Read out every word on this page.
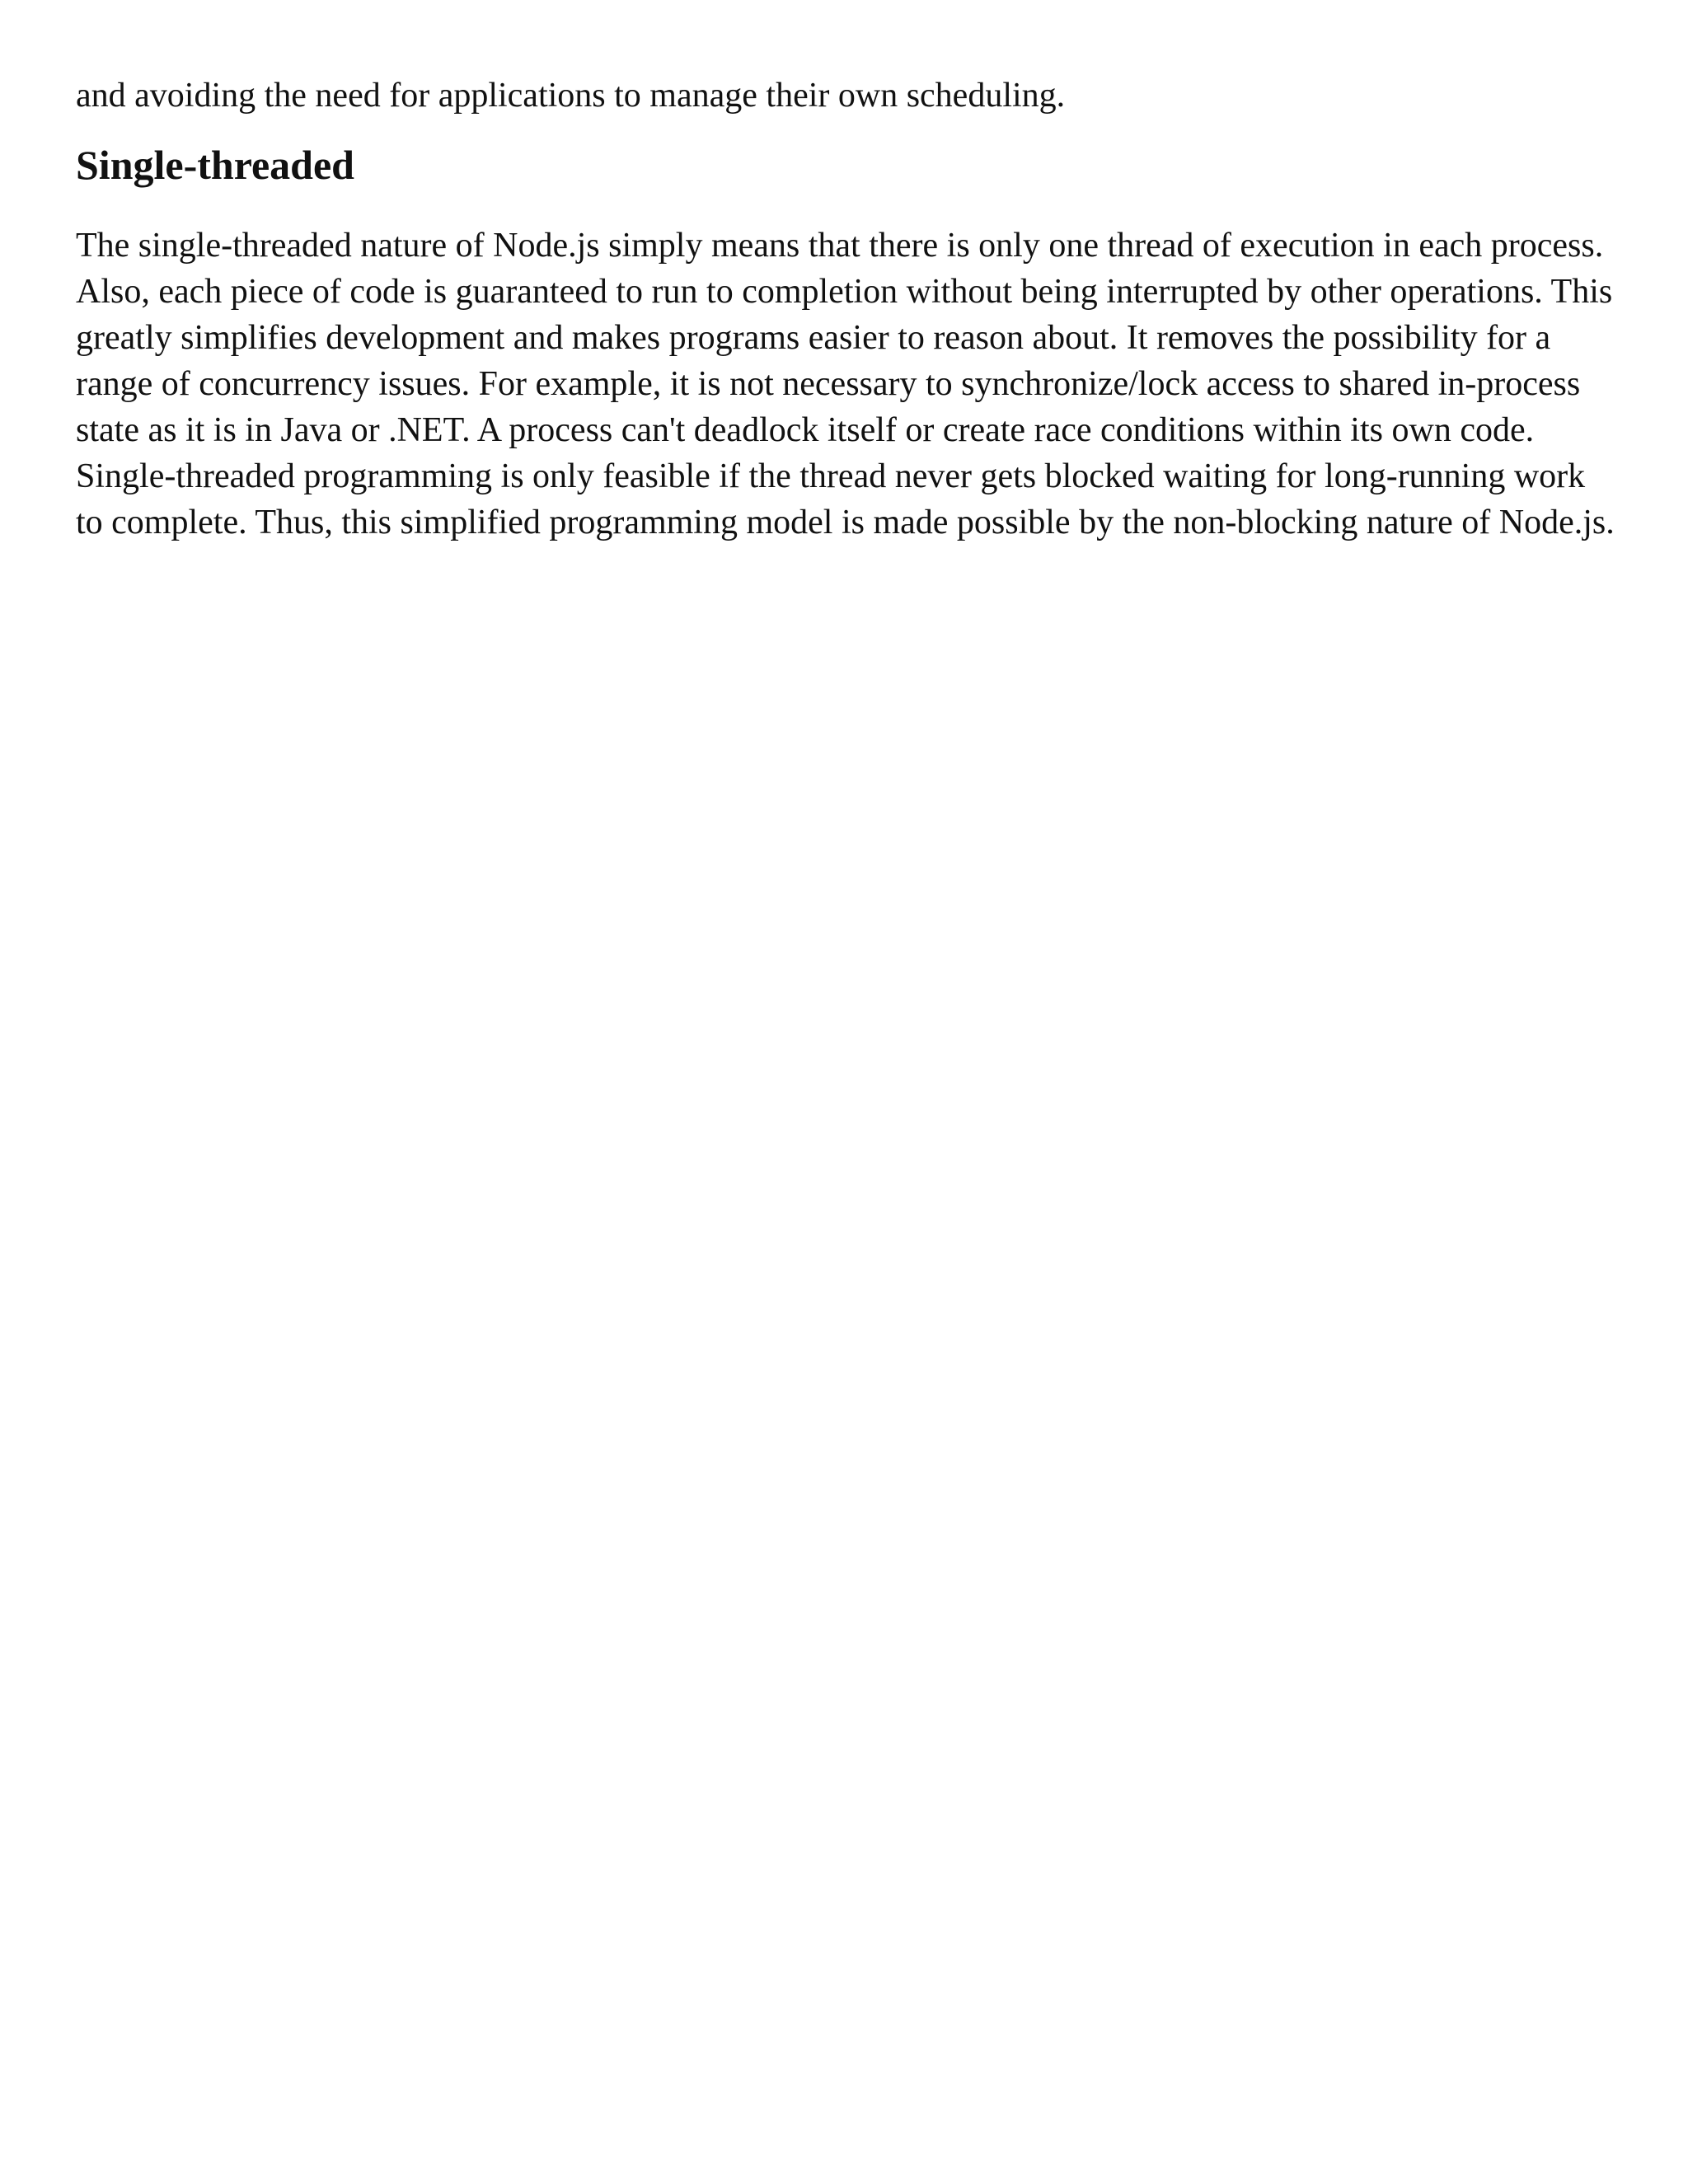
and avoiding the need for applications to manage their own scheduling.

Single-threaded

The single-threaded nature of Node.js simply means that there is only one thread of execution in each process. Also, each piece of code is guaranteed to run to completion without being interrupted by other operations. This greatly simplifies development and makes programs easier to reason about. It removes the possibility for a range of concurrency issues. For example, it is not necessary to synchronize/lock access to shared in-process state as it is in Java or .NET. A process can't deadlock itself or create race conditions within its own code. Single-threaded programming is only feasible if the thread never gets blocked waiting for long-running work to complete. Thus, this simplified programming model is made possible by the non-blocking nature of Node.js.
